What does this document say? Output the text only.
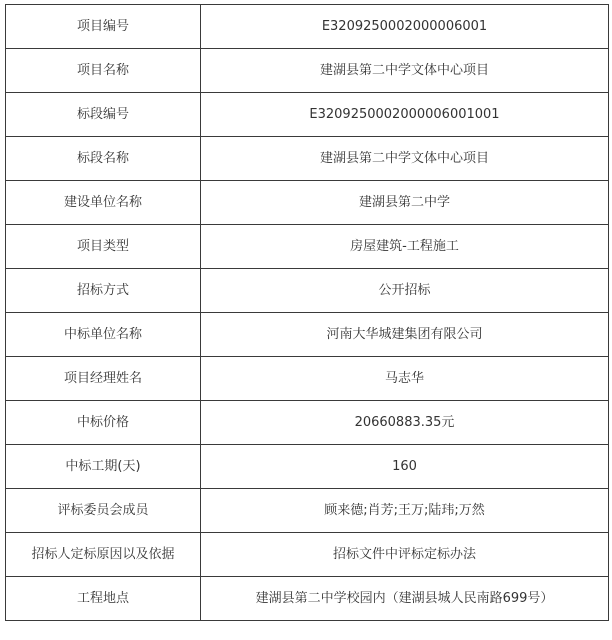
项目编号	E3209250002000006001
项目名称	建湖县第二中学文体中心项目
标段编号	E3209250002000006001001
标段名称	建湖县第二中学文体中心项目
建设单位名称	建湖县第二中学
项目类型	房屋建筑-工程施工
招标方式	公开招标
中标单位名称	河南大华城建集团有限公司
项目经理姓名	马志华
中标价格	20660883.35元
中标工期(天)	160
评标委员会成员	顾来德;肖芳;王万;陆玮;万然
招标人定标原因以及依据	招标文件中评标定标办法
工程地点	建湖县第二中学校园内（建湖县城人民南路699号）
